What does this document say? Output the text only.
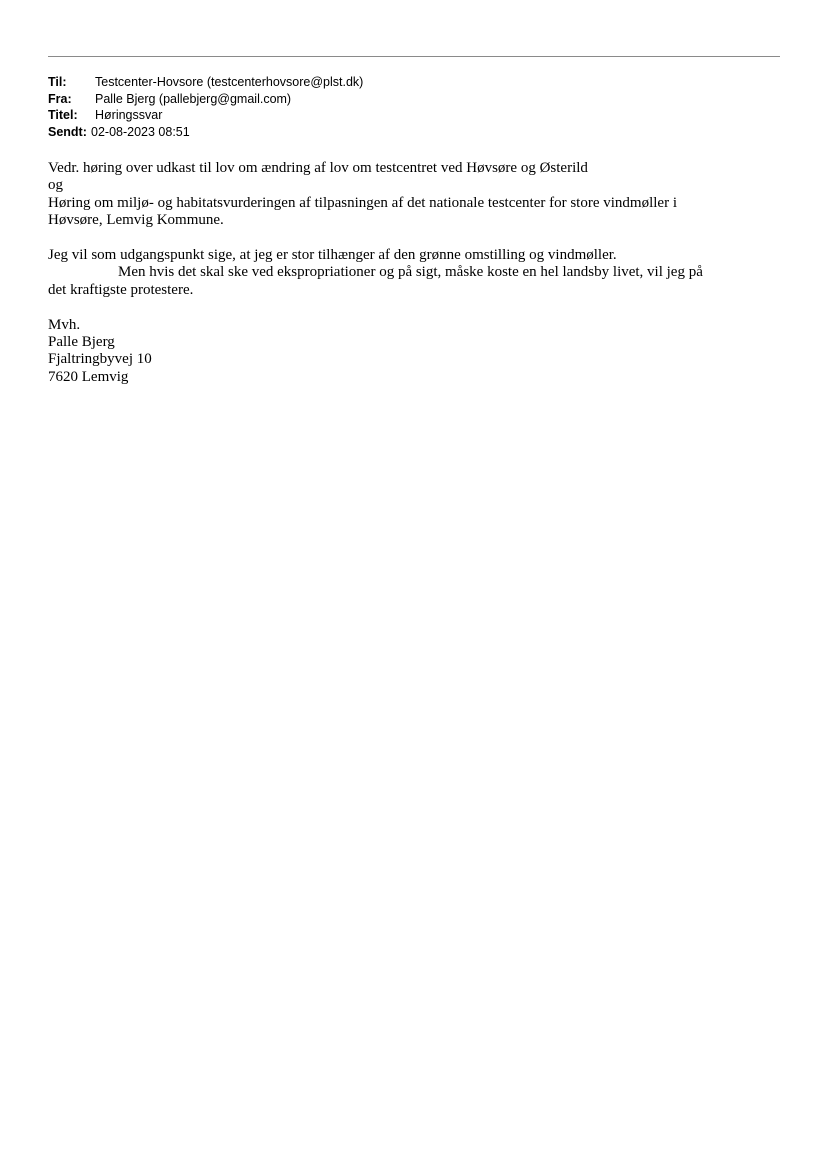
Til:	Testcenter-Hovsore (testcenterhovsore@plst.dk)
Fra:	Palle Bjerg (pallebjerg@gmail.com)
Titel:	Høringssvar
Sendt: 02-08-2023 08:51

Vedr. høring over udkast til lov om ændring af lov om testcentret ved Høvsøre og Østerild

og

Høring om miljø- og habitatsvurderingen af tilpasningen af det nationale testcenter for store vindmøller i

Høvsøre, Lemvig Kommune.

Jeg vil som udgangspunkt sige, at jeg er stor tilhænger af den grønne omstilling og vindmøller.

Men hvis det skal ske ved ekspropriationer og på sigt, måske koste en hel landsby livet, vil jeg på

det kraftigste protestere.

Mvh.

Palle Bjerg

Fjaltringbyvej 10

7620 Lemvig
